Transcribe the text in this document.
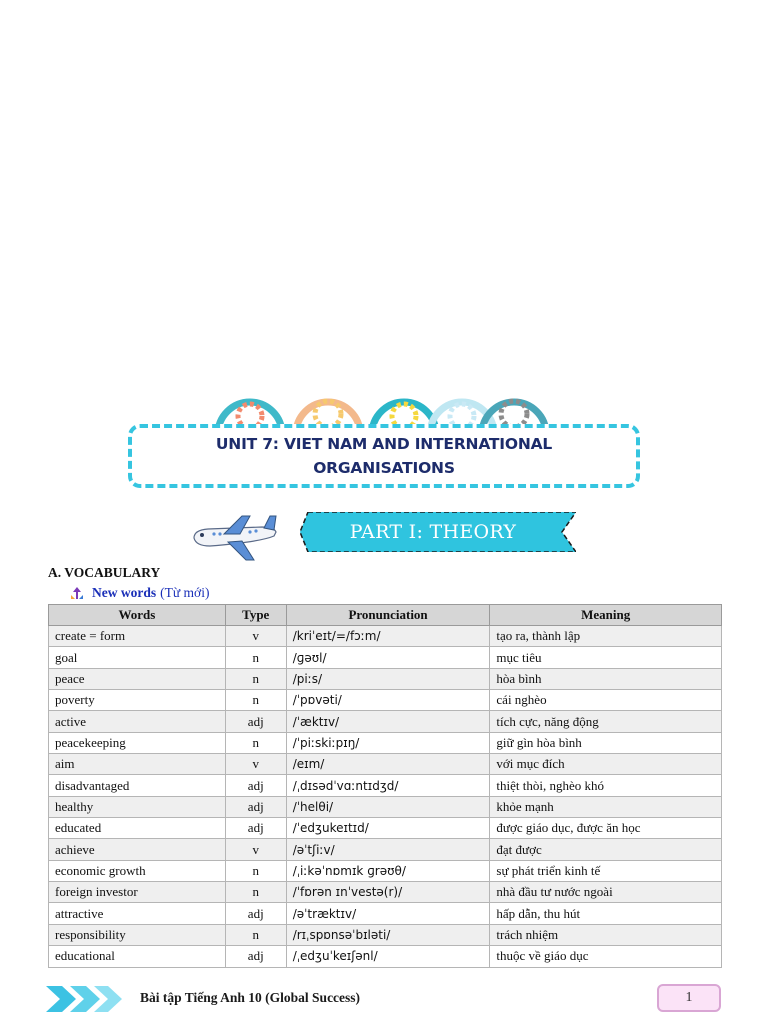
UNIT 7: VIET NAM AND INTERNATIONAL
ORGANISATIONS
PART I: THEORY
A. VOCABULARY
New words (Từ mới)
Words	Type	Pronunciation	Meaning
create = form	v	/kriˈeɪt/=/fɔːm/	tạo ra, thành lập
goal	n	/ɡəʊl/	mục tiêu
peace	n	/piːs/	hòa bình
poverty	n	/ˈpɒvəti/	cái nghèo
active	adj	/ˈæktɪv/	tích cực, năng động
peacekeeping	n	/ˈpiːskiːpɪŋ/	giữ gìn hòa bình
aim	v	/eɪm/	với mục đích
disadvantaged	adj	/ˌdɪsədˈvɑːntɪdʒd/	thiệt thòi, nghèo khó
healthy	adj	/ˈhelθi/	khỏe mạnh
educated	adj	/ˈedʒukeɪtɪd/	được giáo dục, được ăn học
achieve	v	/əˈtʃiːv/	đạt được
economic growth	n	/ˌiːkəˈnɒmɪk ɡrəʊθ/	sự phát triển kinh tế
foreign investor	n	/ˈfɒrən ɪnˈvestə(r)/	nhà đầu tư nước ngoài
attractive	adj	/əˈtræktɪv/	hấp dẫn, thu hút
responsibility	n	/rɪˌspɒnsəˈbɪləti/	trách nhiệm
educational	adj	/ˌedʒuˈkeɪʃənl/	thuộc về giáo dục
Bài tập Tiếng Anh 10 (Global Success)	1
